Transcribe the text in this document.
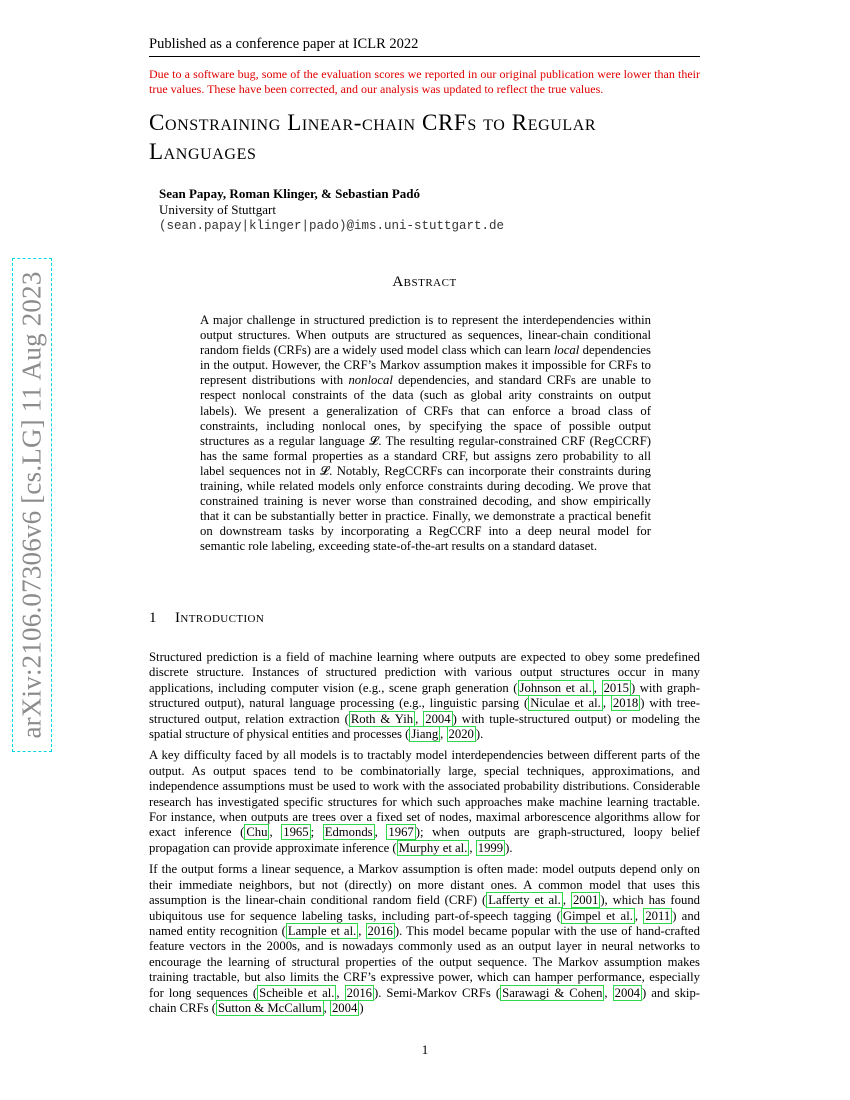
Published as a conference paper at ICLR 2022
Due to a software bug, some of the evaluation scores we reported in our original publication were lower than their true values. These have been corrected, and our analysis was updated to reflect the true values.
Constraining Linear-chain CRFs to Regular Languages
Sean Papay, Roman Klinger, & Sebastian Padó
University of Stuttgart
(sean.papay|klinger|pado)@ims.uni-stuttgart.de
arXiv:2106.07306v6 [cs.LG] 11 Aug 2023	Abstract
A major challenge in structured prediction is to represent the interdependencies within output structures. When outputs are structured as sequences, linear-chain conditional random fields (CRFs) are a widely used model class which can learn local dependencies in the output. However, the CRF’s Markov assumption makes it impossible for CRFs to represent distributions with nonlocal dependencies, and standard CRFs are unable to respect nonlocal constraints of the data (such as global arity constraints on output labels). We present a generalization of CRFs that can enforce a broad class of constraints, including nonlocal ones, by specifying the space of possible output structures as a regular language 𝓛. The resulting regular-constrained CRF (RegCCRF) has the same formal properties as a standard CRF, but assigns zero probability to all label sequences not in 𝓛. Notably, RegCCRFs can incorporate their constraints during training, while related models only enforce constraints during decoding. We prove that constrained training is never worse than constrained decoding, and show empirically that it can be substantially better in practice. Finally, we demonstrate a practical benefit on downstream tasks by incorporating a RegCCRF into a deep neural model for semantic role labeling, exceeding state-of-the-art results on a standard dataset.
1 Introduction

Structured prediction is a field of machine learning where outputs are expected to obey some predefined discrete structure. Instances of structured prediction with various output structures occur in many applications, including computer vision (e.g., scene graph generation ( Johnson et al. , 2015 ) with graph-structured output), natural language processing (e.g., linguistic parsing ( Niculae et al. , 2018 ) with tree-structured output, relation extraction ( Roth & Yih , 2004 ) with tuple-structured output) or modeling the spatial structure of physical entities and processes ( Jiang , 2020 ).

A key difficulty faced by all models is to tractably model interdependencies between different parts of the output. As output spaces tend to be combinatorially large, special techniques, approximations, and independence assumptions must be used to work with the associated probability distributions. Considerable research has investigated specific structures for which such approaches make machine learning tractable. For instance, when outputs are trees over a fixed set of nodes, maximal arborescence algorithms allow for exact inference ( Chu , 1965 ; Edmonds , 1967 ); when outputs are graph-structured, loopy belief propagation can provide approximate inference ( Murphy et al. , 1999 ).

If the output forms a linear sequence, a Markov assumption is often made: model outputs depend only on their immediate neighbors, but not (directly) on more distant ones. A common model that uses this assumption is the linear-chain conditional random field (CRF) ( Lafferty et al. , 2001 ), which has found ubiquitous use for sequence labeling tasks, including part-of-speech tagging ( Gimpel et al. , 2011 ) and named entity recognition ( Lample et al. , 2016 ). This model became popular with the use of hand-crafted feature vectors in the 2000s, and is nowadays commonly used as an output layer in neural networks to encourage the learning of structural properties of the output sequence. The Markov assumption makes training tractable, but also limits the CRF’s expressive power, which can hamper performance, especially for long sequences ( Scheible et al. , 2016 ). Semi-Markov CRFs ( Sarawagi & Cohen , 2004 ) and skip-chain CRFs ( Sutton & McCallum , 2004 )

1
